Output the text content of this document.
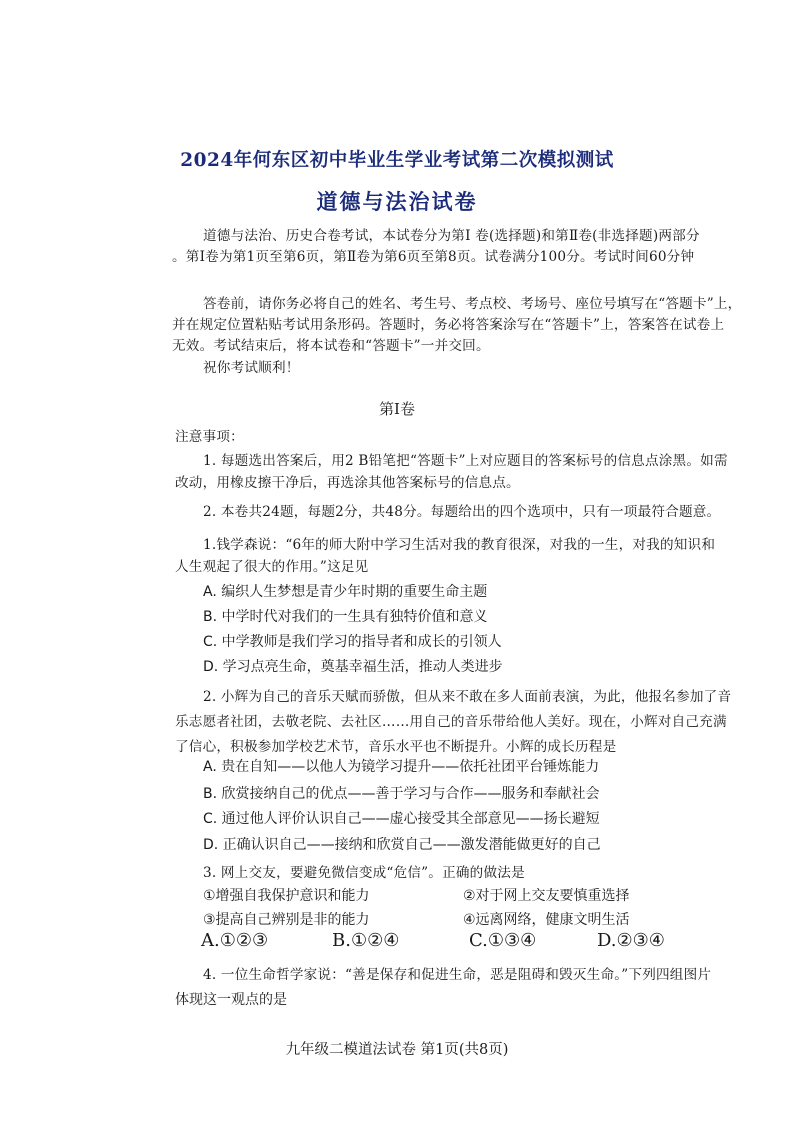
2024年何东区初中毕业生学业考试第二次模拟测试
道德与法治试卷
道德与法治、历史合卷考试，本试卷分为第Ⅰ 卷(选择题)和第Ⅱ卷(非选择题)两部分
。第Ⅰ卷为第1页至第6页，第Ⅱ卷为第6页至第8页。试卷满分100分。考试时间60分钟
答卷前，请你务必将自己的姓名、考生号、考点校、考场号、座位号填写在“答题卡”上，
并在规定位置粘贴考试用条形码。答题时，务必将答案涂写在“答题卡”上，答案答在试卷上
无效。考试结束后，将本试卷和“答题卡”一并交回。
祝你考试顺利！
第Ⅰ卷
注意事项：
1. 每题选出答案后，用2 B铅笔把“答题卡”上对应题目的答案标号的信息点涂黑。如需
改动，用橡皮擦干净后，再选涂其他答案标号的信息点。
2. 本卷共24题，每题2分，共48分。每题给出的四个选项中，只有一项最符合题意。
1.钱学森说：“6年的师大附中学习生活对我的教育很深，对我的一生，对我的知识和
人生观起了很大的作用。”这足见
A. 编织人生梦想是青少年时期的重要生命主题
B. 中学时代对我们的一生具有独特价值和意义
C. 中学教师是我们学习的指导者和成长的引领人
D. 学习点亮生命，奠基幸福生活，推动人类进步
2. 小辉为自己的音乐天赋而骄傲，但从来不敢在多人面前表演，为此，他报名参加了音
乐志愿者社团，去敬老院、去社区……用自己的音乐带给他人美好。现在，小辉对自己充满
了信心，积极参加学校艺术节，音乐水平也不断提升。小辉的成长历程是
A. 贵在自知——以他人为镜学习提升——依托社团平台锤炼能力
B. 欣赏接纳自己的优点——善于学习与合作——服务和奉献社会
C. 通过他人评价认识自己——虚心接受其全部意见——扬长避短
D. 正确认识自己——接纳和欣赏自己——激发潜能做更好的自己
3. 网上交友，要避免微信变成“危信”。正确的做法是
①增强自我保护意识和能力	②对于网上交友要慎重选择
③提高自己辨别是非的能力	④远离网络，健康文明生活
A.①②③	B.①②④	C.①③④	D.②③④
4. 一位生命哲学家说：“善是保存和促进生命，恶是阻碍和毁灭生命。”下列四组图片
体现这一观点的是
九年级二模道法试卷 第1页(共8页)
